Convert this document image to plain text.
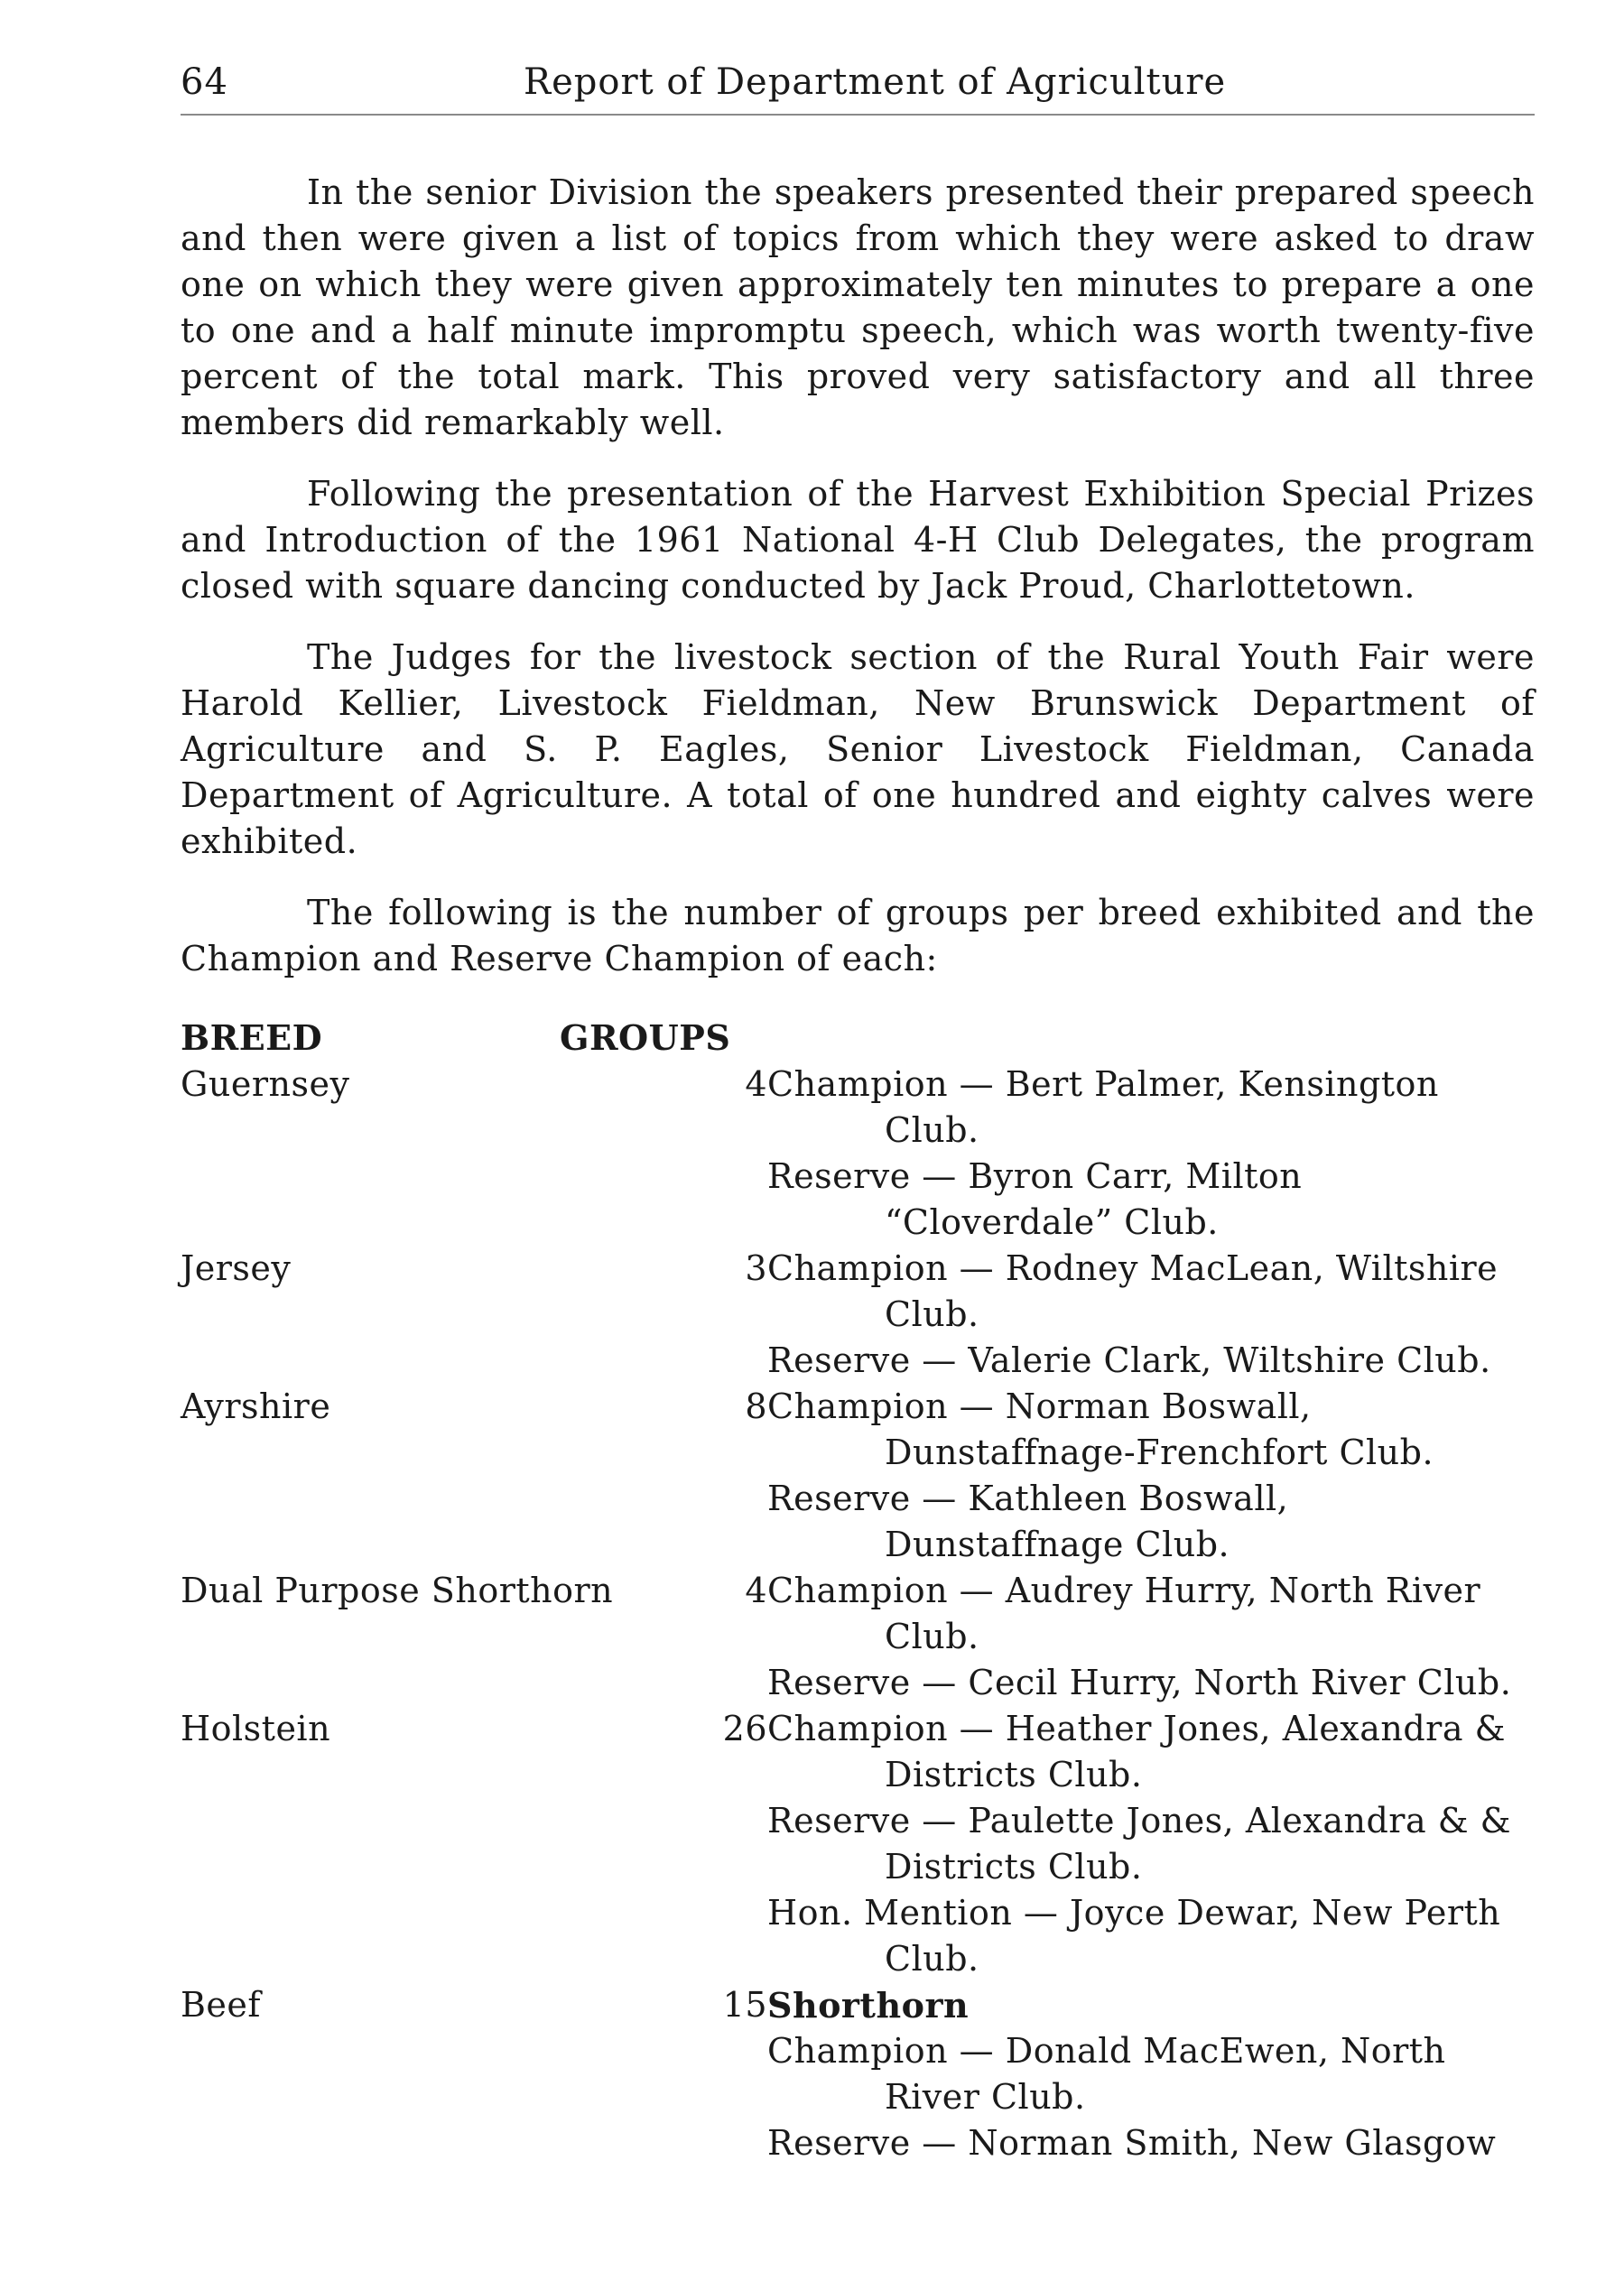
64	Report of Department of Agriculture

In the senior Division the speakers presented their prepared speech and then were given a list of topics from which they were asked to draw one on which they were given approximately ten minutes to prepare a one to one and a half minute impromptu speech, which was worth twenty-five percent of the total mark. This proved very satisfactory and all three members did remarkably well.

Following the presentation of the Harvest Exhibition Special Prizes and Introduction of the 1961 National 4-H Club Delegates, the program closed with square dancing conducted by Jack Proud, Charlottetown.

The Judges for the livestock section of the Rural Youth Fair were Harold Kellier, Livestock Fieldman, New Brunswick Department of Agriculture and S. P. Eagles, Senior Livestock Fieldman, Canada Department of Agriculture. A total of one hundred and eighty calves were exhibited.

The following is the number of groups per breed exhibited and the Champion and Reserve Champion of each:

BREED	GROUPS
Guernsey	4 Champion — Bert Palmer, Kensington Club.
Reserve — Byron Carr, Milton “Cloverdale” Club.
Jersey	3 Champion — Rodney MacLean, Wiltshire Club.
Reserve — Valerie Clark, Wiltshire Club.
Ayrshire	8 Champion — Norman Boswall, Dunstaffnage-Frenchfort Club.
Reserve — Kathleen Boswall, Dunstaffnage Club.
Dual Purpose Shorthorn	4 Champion — Audrey Hurry, North River Club.
Reserve — Cecil Hurry, North River Club.
Holstein	26 Champion — Heather Jones, Alexandra & Districts Club.
Reserve — Paulette Jones, Alexandra & & Districts Club.
Hon. Mention — Joyce Dewar, New Perth Club.
Beef	15 Shorthorn
Champion — Donald MacEwen, North River Club.
Reserve — Norman Smith, New Glasgow
